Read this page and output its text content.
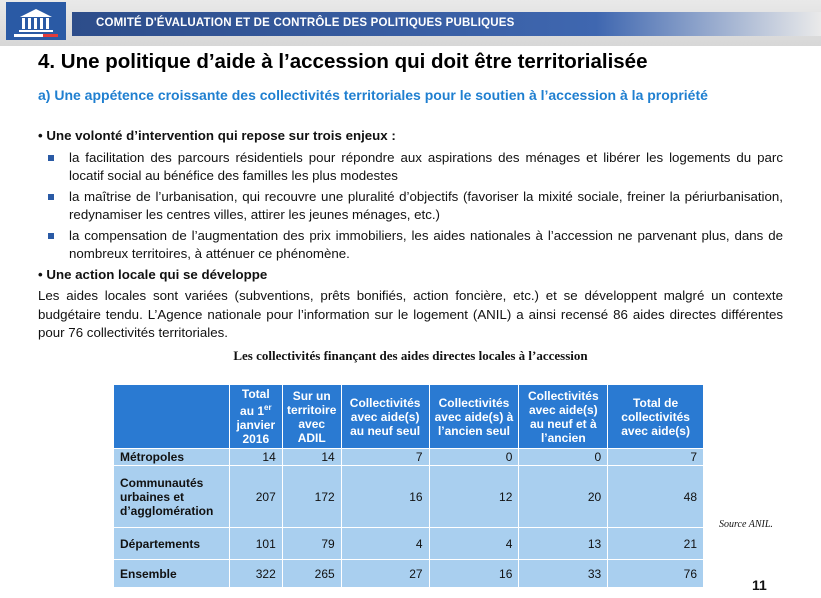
COMITÉ D'ÉVALUATION ET DE CONTRÔLE DES POLITIQUES PUBLIQUES
4. Une politique d’aide à l’accession qui doit être territorialisée
a) Une appétence croissante des collectivités territoriales pour le soutien à l’accession à la propriété

• Une volonté d’intervention qui repose sur trois enjeux :

la facilitation des parcours résidentiels pour répondre aux aspirations des ménages et libérer les logements du parc locatif social au bénéfice des familles les plus modestes
la maîtrise de l’urbanisation, qui recouvre une pluralité d’objectifs (favoriser la mixité sociale, freiner la périurbanisation, redynamiser les centres villes, attirer les jeunes ménages, etc.)
la compensation de l’augmentation des prix immobiliers, les aides nationales à l’accession ne parvenant plus, dans de nombreux territoires, à atténuer ce phénomène.

• Une action locale qui se développe

Les aides locales sont variées (subventions, prêts bonifiés, action foncière, etc.) et se développent malgré un contexte budgétaire tendu. L’Agence nationale pour l’information sur le logement (ANIL) a ainsi recensé 86 aides directes différentes pour 76 collectivités territoriales.

Les collectivités finançant des aides directes locales à l’accession
	Total
au 1er
janvier
2016	Sur un territoire avec ADIL	Collectivités avec aide(s) au neuf seul	Collectivités avec aide(s) à l’ancien seul	Collectivités avec aide(s) au neuf et à l’ancien	Total de collectivités avec aide(s)
Métropoles	14	14	7	0	0	7
Communautés urbaines et d’agglomération	207	172	16	12	20	48
Départements	101	79	4	4	13	21
Ensemble	322	265	27	16	33	76
Source ANIL.
11
